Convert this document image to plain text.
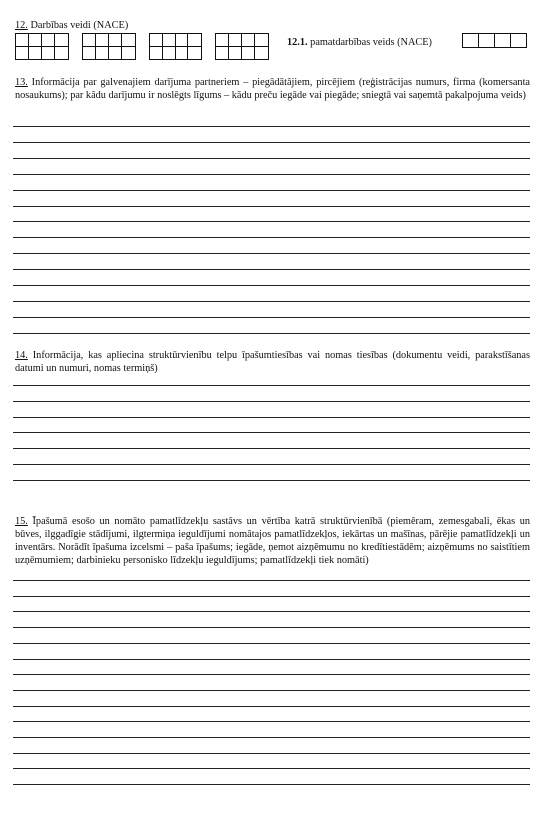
12. Darbības veidi (NACE)
12.1. pamatdarbības veids (NACE)
13. Informācija par galvenajiem darījuma partneriem – piegādātājiem, pircējiem (reģistrācijas numurs, firma (komersanta nosaukums); par kādu darījumu ir noslēgts līgums – kādu preču iegāde vai piegāde; sniegtā vai saņemtā pakalpojuma veids)
14. Informācija, kas apliecina struktūrvienību telpu īpašumtiesības vai nomas tiesības (dokumentu veidi, parakstīšanas datumi un numuri, nomas termiņš)
15. Īpašumā esošo un nomāto pamatlīdzekļu sastāvs un vērtība katrā struktūrvienībā (piemēram, zemesgabali, ēkas un būves, ilggadīgie stādījumi, ilgtermiņa ieguldījumi nomātajos pamatlīdzekļos, iekārtas un mašīnas, pārējie pamatlīdzekļi un inventārs. Norādīt īpašuma izcelsmi – paša īpašums; iegāde, ņemot aizņēmumu no kredītiestādēm; aizņēmums no saistītiem uzņēmumiem; darbinieku personisko līdzekļu ieguldījums; pamatlīdzekļi tiek nomāti)
